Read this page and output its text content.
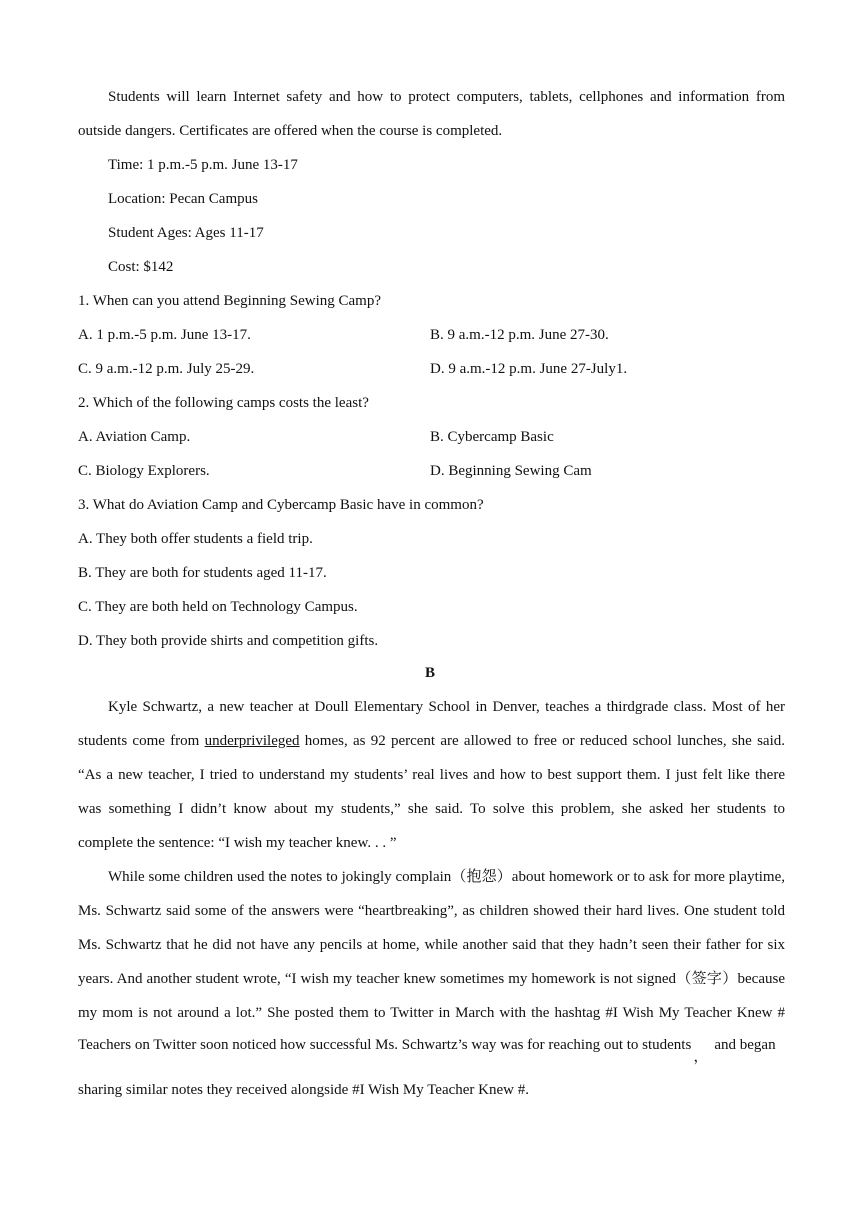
Students will learn Internet safety and how to protect computers, tablets, cellphones and information from
outside dangers. Certificates are offered when the course is completed.
Time: 1 p.m.-5 p.m. June 13-17
Location: Pecan Campus
Student Ages: Ages 11-17
Cost: $142
1. When can you attend Beginning Sewing Camp?
A. 1 p.m.-5 p.m. June 13-17.	B. 9 a.m.-12 p.m. June 27-30.
C. 9 a.m.-12 p.m. July 25-29.	D. 9 a.m.-12 p.m. June 27-July1.
2. Which of the following camps costs the least?
A. Aviation Camp.	B. Cybercamp Basic
C. Biology Explorers.	D. Beginning Sewing Cam
3. What do Aviation Camp and Cybercamp Basic have in common?
A. They both offer students a field trip.
B. They are both for students aged 11-17.
C. They are both held on Technology Campus.
D. They both provide shirts and competition gifts.
B
Kyle Schwartz, a new teacher at Doull Elementary School in Denver, teaches a thirdgrade class. Most of her
students come from underprivileged homes, as 92 percent are allowed to free or reduced school lunches, she said.
“As a new teacher, I tried to understand my students’ real lives and how to best support them. I just felt like there
was something I didn’t know about my students,” she said. To solve this problem, she asked her students to
complete the sentence: “I wish my teacher knew. . . ”
While some children used the notes to jokingly complain（抱怨）about homework or to ask for more playtime,
Ms. Schwartz said some of the answers were “heartbreaking”, as children showed their hard lives. One student told
Ms. Schwartz that he did not have any pencils at home, while another said that they hadn’t seen their father for six
years. And another student wrote, “I wish my teacher knew sometimes my homework is not signed（签字）because
my mom is not around a lot.” She posted them to Twitter in March with the hashtag #I Wish My Teacher Knew #
Teachers on Twitter soon noticed how successful Ms. Schwartz’s way was for reaching out to students，and began
sharing similar notes they received alongside #I Wish My Teacher Knew #.
